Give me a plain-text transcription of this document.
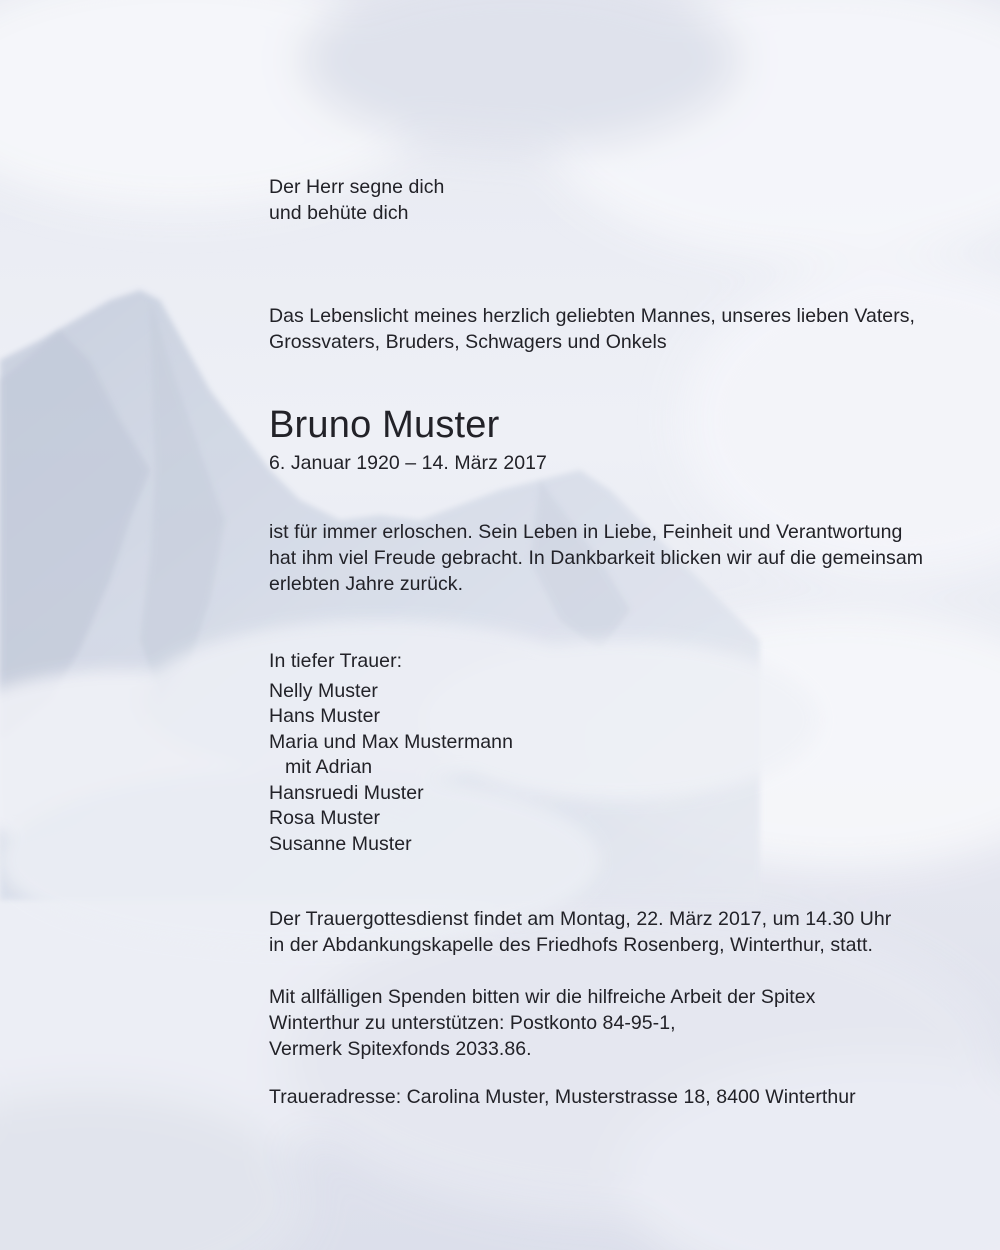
Der Herr segne dich
und behüte dich
Das Lebenslicht meines herzlich geliebten Mannes, unseres lieben Vaters,
Grossvaters, Bruders, Schwagers und Onkels
Bruno Muster
6. Januar 1920 – 14. März 2017
ist für immer erloschen. Sein Leben in Liebe, Feinheit und Verantwortung
hat ihm viel Freude gebracht. In Dankbarkeit blicken wir auf die gemeinsam
erlebten Jahre zurück.
In tiefer Trauer:
Nelly Muster
Hans Muster
Maria und Max Mustermann
mit Adrian
Hansruedi Muster
Rosa Muster
Susanne Muster
Der Trauergottesdienst findet am Montag, 22. März 2017, um 14.30 Uhr
in der Abdankungskapelle des Friedhofs Rosenberg, Winterthur, statt.
Mit allfälligen Spenden bitten wir die hilfreiche Arbeit der Spitex
Winterthur zu unterstützen: Postkonto 84-95-1,
Vermerk Spitexfonds 2033.86.
Traueradresse: Carolina Muster, Musterstrasse 18, 8400 Winterthur
